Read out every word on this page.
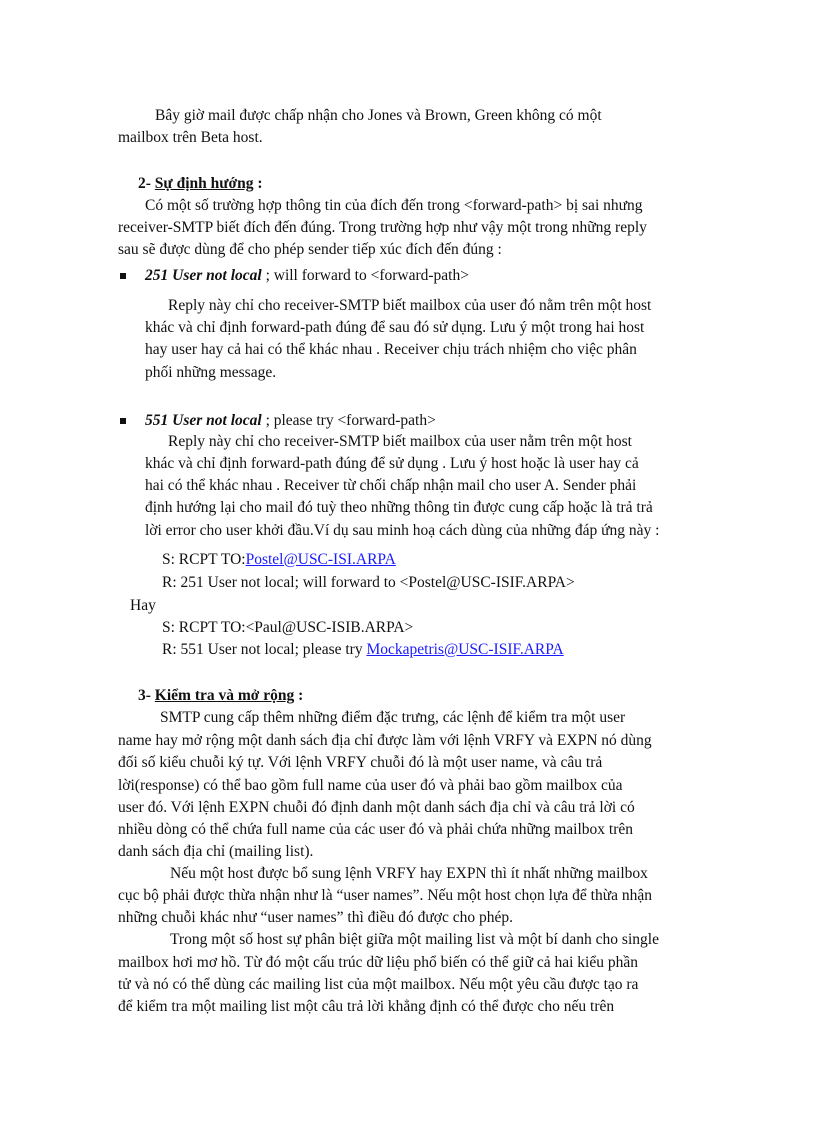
Bây giờ mail được chấp nhận cho Jones và Brown, Green không có một
mailbox trên Beta host.
2- Sự định hướng :
Có một số trường hợp thông tin của đích đến trong <forward-path> bị sai nhưng
receiver-SMTP biết đích đến đúng. Trong trường hợp như vậy một trong những reply
sau sẽ được dùng để cho phép sender tiếp xúc đích đến đúng :
251 User not local ; will forward to <forward-path>
Reply này chỉ cho receiver-SMTP biết mailbox của user đó nằm trên một host
khác và chỉ định forward-path đúng để sau đó sử dụng. Lưu ý một trong hai host
hay user hay cả hai có thể khác nhau . Receiver chịu trách nhiệm cho việc phân
phối những message.
551 User not local ; please try <forward-path>
Reply này chỉ cho receiver-SMTP biết mailbox của user nằm trên một host
khác và chỉ định forward-path đúng để sử dụng . Lưu ý host hoặc là user hay cả
hai có thể khác nhau . Receiver từ chối chấp nhận mail cho user A. Sender phải
định hướng lại cho mail đó tuỳ theo những thông tin được cung cấp hoặc là trả trả
lời error cho user khởi đầu.Ví dụ sau minh hoạ cách dùng của những đáp ứng này :
S: RCPT TO:Postel@USC-ISI.ARPA
R: 251 User not local; will forward to <Postel@USC-ISIF.ARPA>
Hay
S: RCPT TO:<Paul@USC-ISIB.ARPA>
R: 551 User not local; please try Mockapetris@USC-ISIF.ARPA
3- Kiểm tra và mở rộng :
SMTP cung cấp thêm những điểm đặc trưng, các lệnh để kiểm tra một user
name hay mở rộng một danh sách địa chỉ được làm với lệnh VRFY và EXPN nó dùng
đối số kiểu chuỗi ký tự. Với lệnh VRFY chuỗi đó là một user name, và câu trả
lời(response) có thể bao gồm full name của user đó và phải bao gồm mailbox của
user đó. Với lệnh EXPN chuỗi đó định danh một danh sách địa chỉ và câu trả lời có
nhiều dòng có thể chứa full name của các user đó và phải chứa những mailbox trên
danh sách địa chỉ (mailing list).
Nếu một host được bổ sung lệnh VRFY hay EXPN thì ít nhất những mailbox
cục bộ phải được thừa nhận như là “user names”. Nếu một host chọn lựa để thừa nhận
những chuỗi khác như “user names” thì điều đó được cho phép.
Trong một số host sự phân biệt giữa một mailing list và một bí danh cho single
mailbox hơi mơ hồ. Từ đó một cấu trúc dữ liệu phổ biến có thể giữ cả hai kiểu phần
tử và nó có thể dùng các mailing list của một mailbox. Nếu một yêu cầu được tạo ra
để kiểm tra một mailing list một câu trả lời khẳng định có thể được cho nếu trên
